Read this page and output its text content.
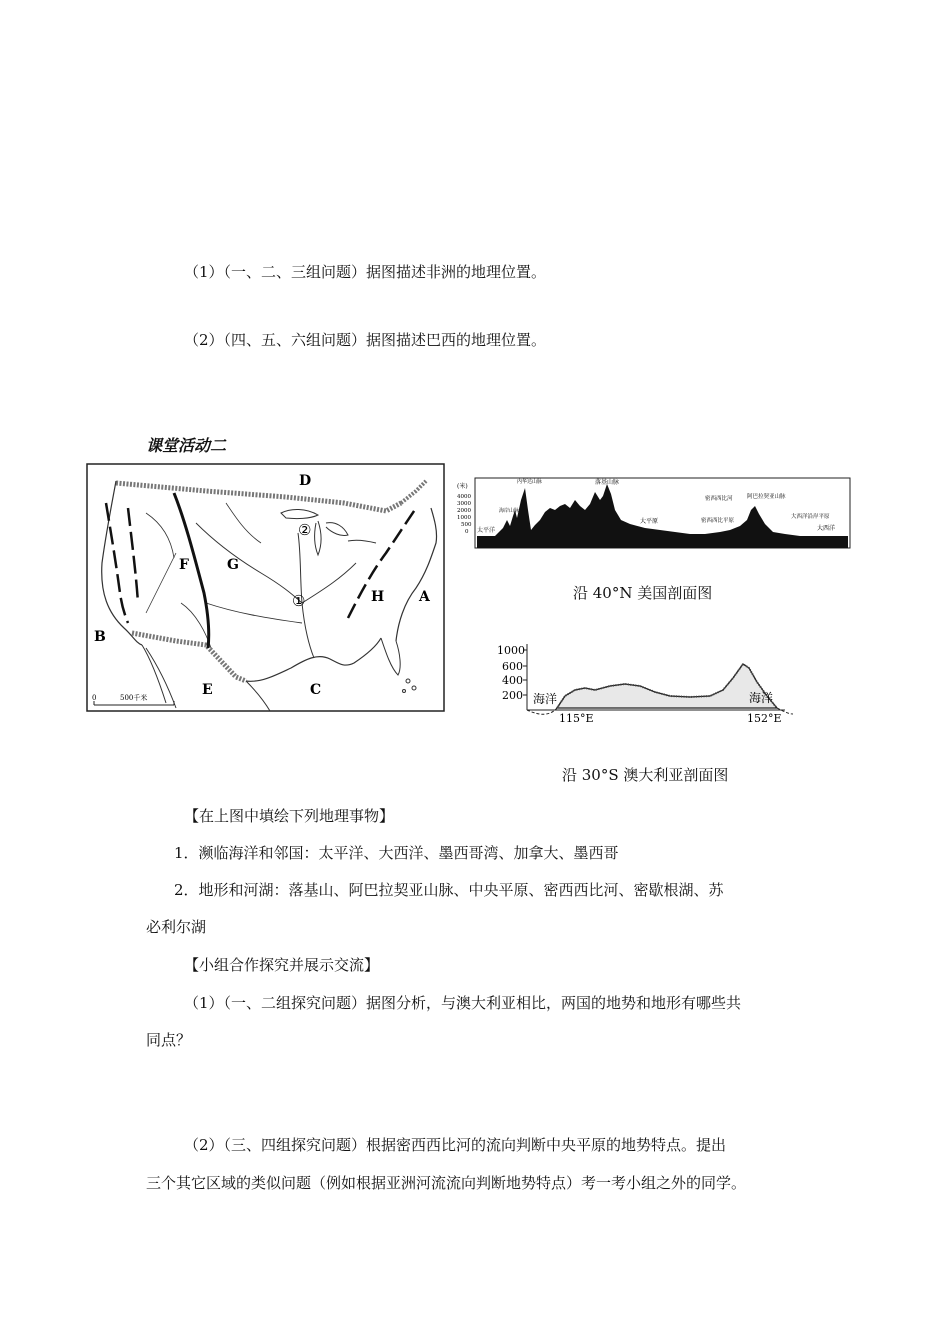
（1）（一、二、三组问题）据图描述非洲的地理位置。
（2）（四、五、六组问题）据图描述巴西的地理位置。
课堂活动二
D
F	G
H A
B
C
E
②
①
0	500千米
(米)
4000
3000
2000
1000
500
0 太平洋
海岸山脉
内华达山脉	落基山脉
大平原
密西西比河
密西西比平原
阿巴拉契亚山脉
大西洋沿岸平原
大西洋
沿 40°N 美国剖面图
1000
600
400
200 海洋	海洋
115°E	152°E
沿 30°S 澳大利亚剖面图
【在上图中填绘下列地理事物】
1．濒临海洋和邻国：太平洋、大西洋、墨西哥湾、加拿大、墨西哥
2．地形和河湖：落基山、阿巴拉契亚山脉、中央平原、密西西比河、密歇根湖、苏
必利尔湖
【小组合作探究并展示交流】
（1）（一、二组探究问题）据图分析，与澳大利亚相比，两国的地势和地形有哪些共
同点？
（2）（三、四组探究问题）根据密西西比河的流向判断中央平原的地势特点。提出
三个其它区域的类似问题（例如根据亚洲河流流向判断地势特点）考一考小组之外的同学。
